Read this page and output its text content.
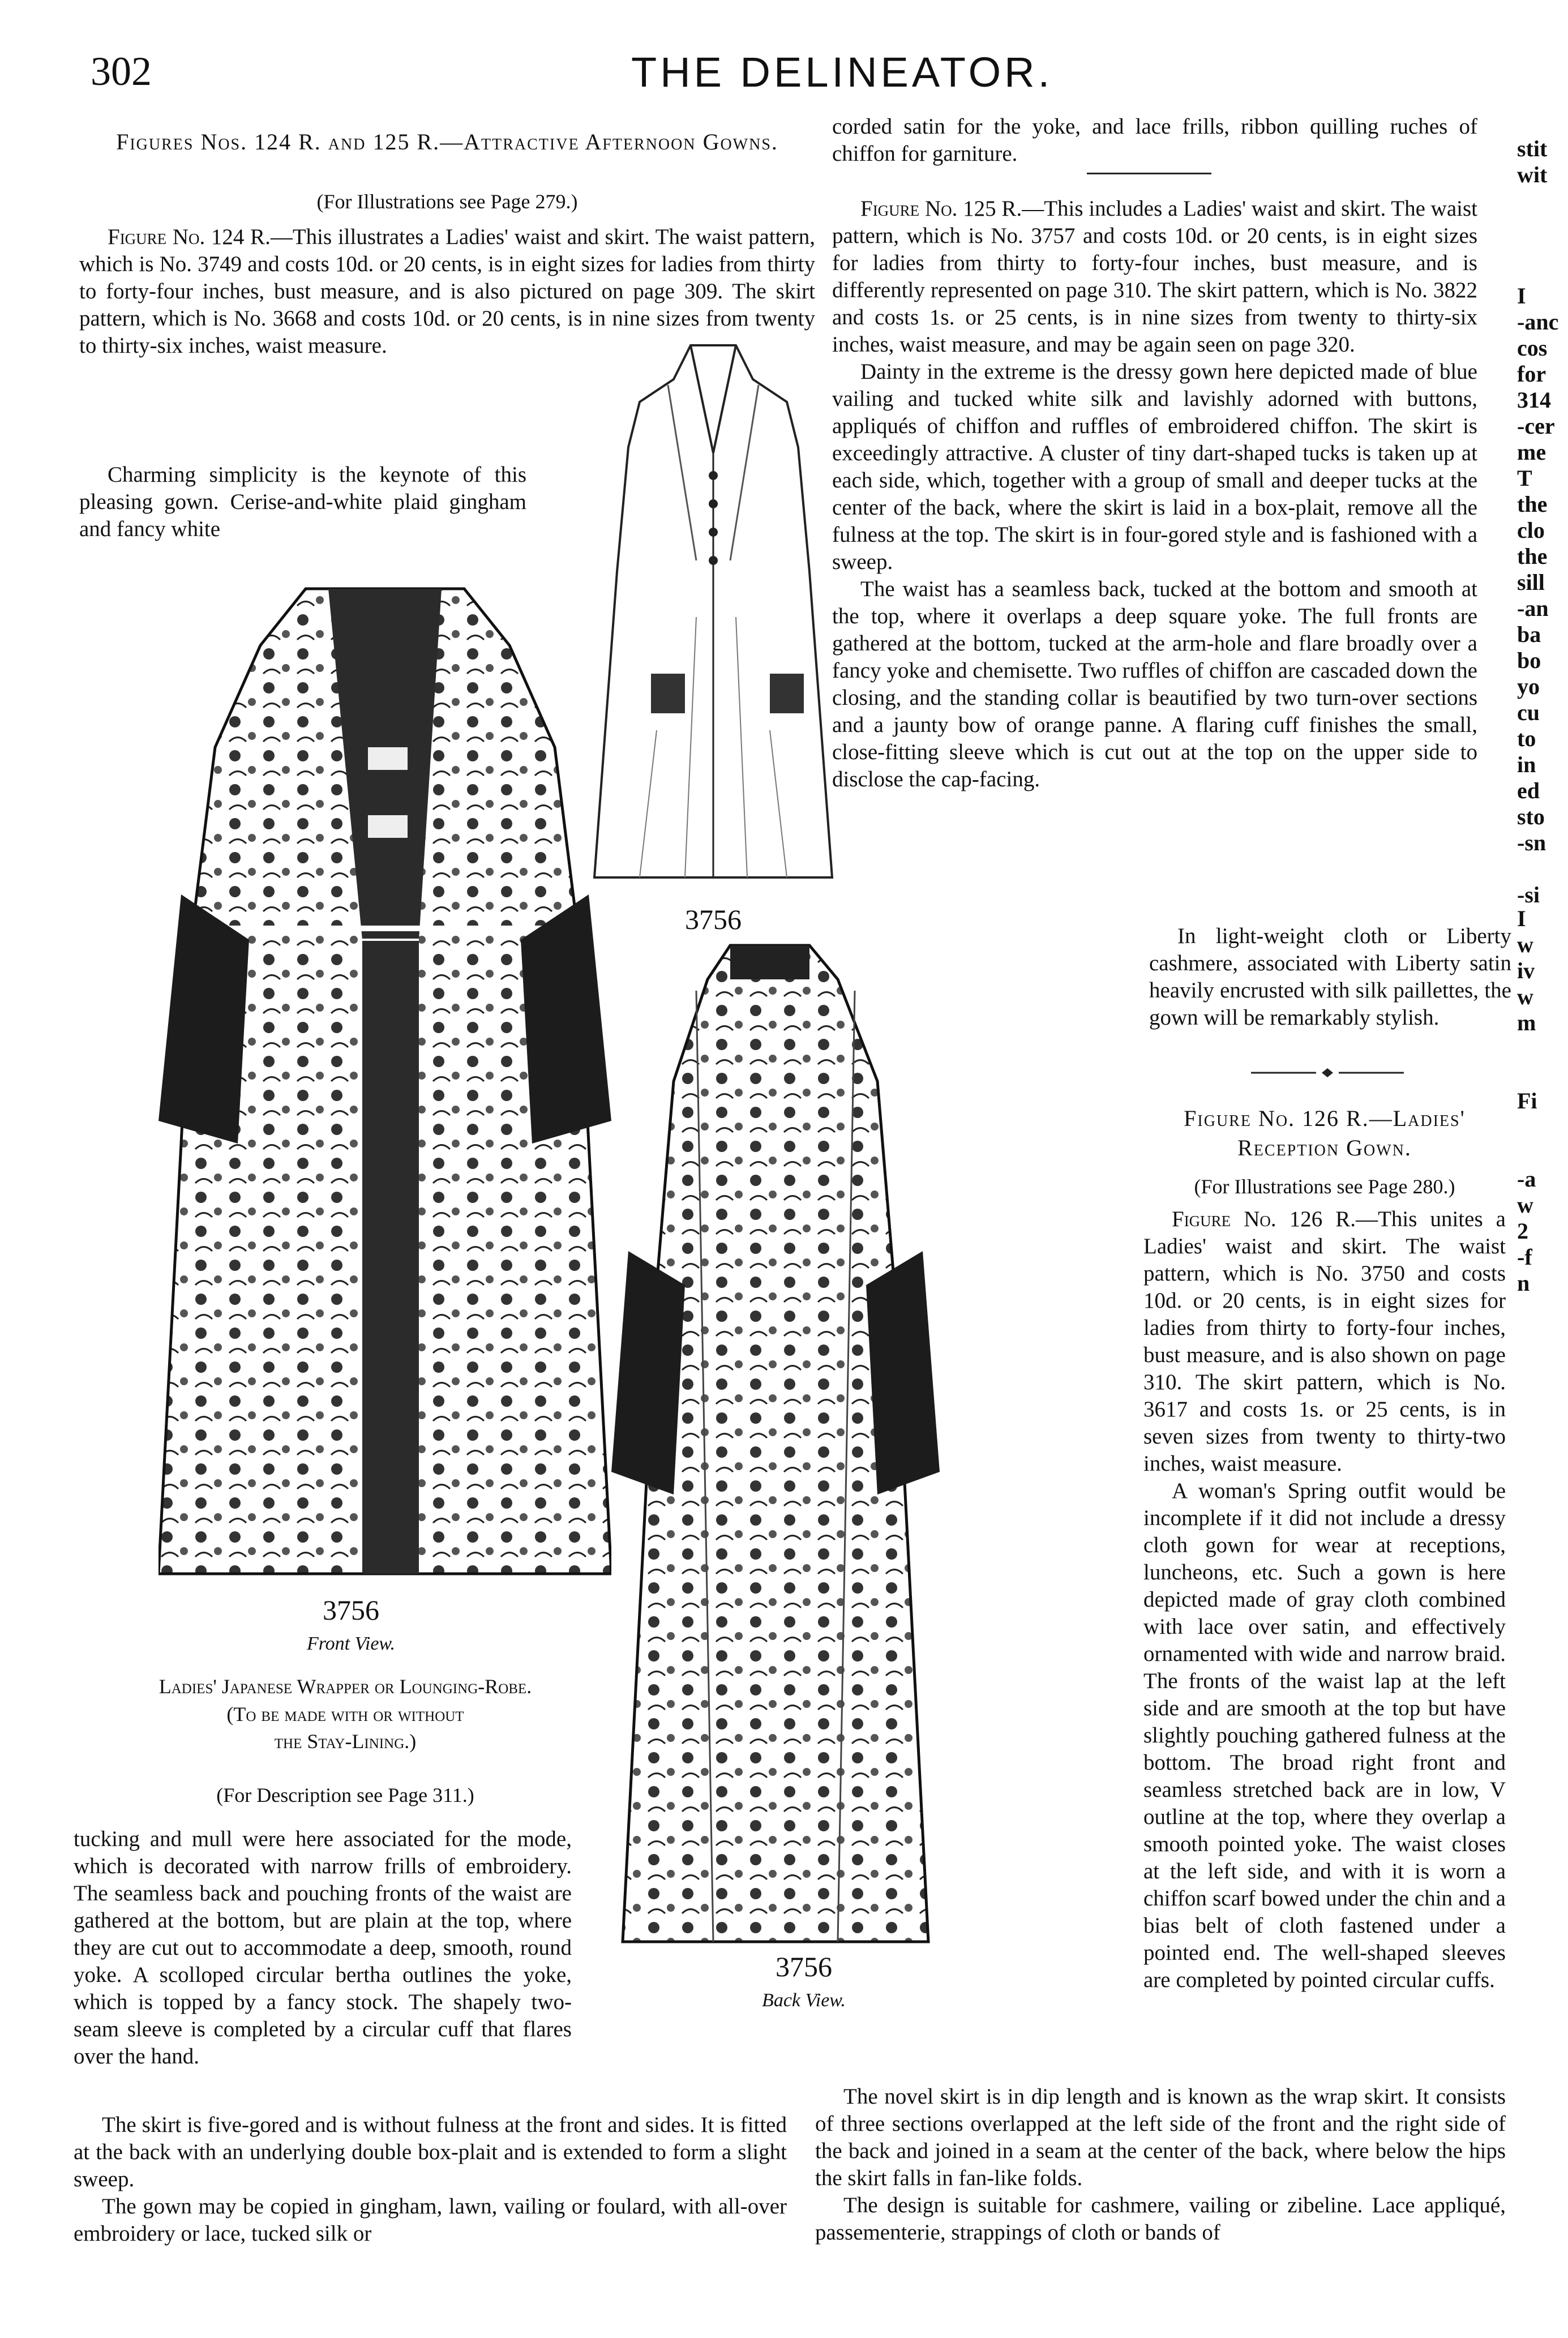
302	THE DELINEATOR.
Figures Nos. 124 R. and 125 R.—Attractive Afternoon Gowns.
(For Illustrations see Page 279.)

Figure No. 124 R.—This illustrates a Ladies' waist and skirt. The waist pattern, which is No. 3749 and costs 10d. or 20 cents, is in eight sizes for ladies from thirty to forty-four inches, bust measure, and is also pictured on page 309. The skirt pattern, which is No. 3668 and costs 10d. or 20 cents, is in nine sizes from twenty to thirty-six inches, waist measure.

Charming simplicity is the keynote of this pleasing gown. Cerise-and-white plaid gingham and fancy white

3756
3756
Front View.
3756
Back View.
Ladies' Japanese Wrapper or Lounging-Robe.
(To be made with or without
the Stay-Lining.)
(For Description see Page 311.)

tucking and mull were here associated for the mode, which is decorated with narrow frills of embroidery. The seamless back and pouching fronts of the waist are gathered at the bottom, but are plain at the top, where they are cut out to accommodate a deep, smooth, round yoke. A scolloped circular bertha outlines the yoke, which is topped by a fancy stock. The shapely two-seam sleeve is completed by a circular cuff that flares over the hand.

The skirt is five-gored and is without fulness at the front and sides. It is fitted at the back with an underlying double box-plait and is extended to form a slight sweep.

The gown may be copied in gingham, lawn, vailing or foulard, with all-over embroidery or lace, tucked silk or

corded satin for the yoke, and lace frills, ribbon quilling ruches of chiffon for garniture.

Figure No. 125 R.—This includes a Ladies' waist and skirt. The waist pattern, which is No. 3757 and costs 10d. or 20 cents, is in eight sizes for ladies from thirty to forty-four inches, bust measure, and is differently represented on page 310. The skirt pattern, which is No. 3822 and costs 1s. or 25 cents, is in nine sizes from twenty to thirty-six inches, waist measure, and may be again seen on page 320.

Dainty in the extreme is the dressy gown here depicted made of blue vailing and tucked white silk and lavishly adorned with buttons, appliqués of chiffon and ruffles of embroidered chiffon. The skirt is exceedingly attractive. A cluster of tiny dart-shaped tucks is taken up at each side, which, together with a group of small and deeper tucks at the center of the back, where the skirt is laid in a box-plait, remove all the fulness at the top. The skirt is in four-gored style and is fashioned with a sweep.

The waist has a seamless back, tucked at the bottom and smooth at the top, where it overlaps a deep square yoke. The full fronts are gathered at the bottom, tucked at the arm-hole and flare broadly over a fancy yoke and chemisette. Two ruffles of chiffon are cascaded down the closing, and the standing collar is beautified by two turn-over sections and a jaunty bow of orange panne. A flaring cuff finishes the small, close-fitting sleeve which is cut out at the top on the upper side to disclose the cap-facing.

In light-weight cloth or Liberty cashmere, associated with Liberty satin heavily encrusted with silk paillettes, the gown will be remarkably stylish.

Figure No. 126 R.—Ladies' Reception Gown.
(For Illustrations see Page 280.)

Figure No. 126 R.—This unites a Ladies' waist and skirt. The waist pattern, which is No. 3750 and costs 10d. or 20 cents, is in eight sizes for ladies from thirty to forty-four inches, bust measure, and is also shown on page 310. The skirt pattern, which is No. 3617 and costs 1s. or 25 cents, is in seven sizes from twenty to thirty-two inches, waist measure.

A woman's Spring outfit would be incomplete if it did not include a dressy cloth gown for wear at receptions, luncheons, etc. Such a gown is here depicted made of gray cloth combined with lace over satin, and effectively ornamented with wide and narrow braid. The fronts of the waist lap at the left side and are smooth at the top but have slightly pouching gathered fulness at the bottom. The broad right front and seamless stretched back are in low, V outline at the top, where they overlap a smooth pointed yoke. The waist closes at the left side, and with it is worn a chiffon scarf bowed under the chin and a bias belt of cloth fastened under a pointed end. The well-shaped sleeves are completed by pointed circular cuffs.

The novel skirt is in dip length and is known as the wrap skirt. It consists of three sections overlapped at the left side of the front and the right side of the back and joined in a seam at the center of the back, where below the hips the skirt falls in fan-like folds.

The design is suitable for cashmere, vailing or zibeline. Lace appliqué, passementerie, strappings of cloth or bands of

stit
wit
I
-anc
cos
for
314
-cer
me
T
the
clo
the
sill
-an
ba
bo
yo
cu
to
in
ed
sto
-sn

-si
I
w
iv
w
m

Fi

-a
w
2
-f
n
